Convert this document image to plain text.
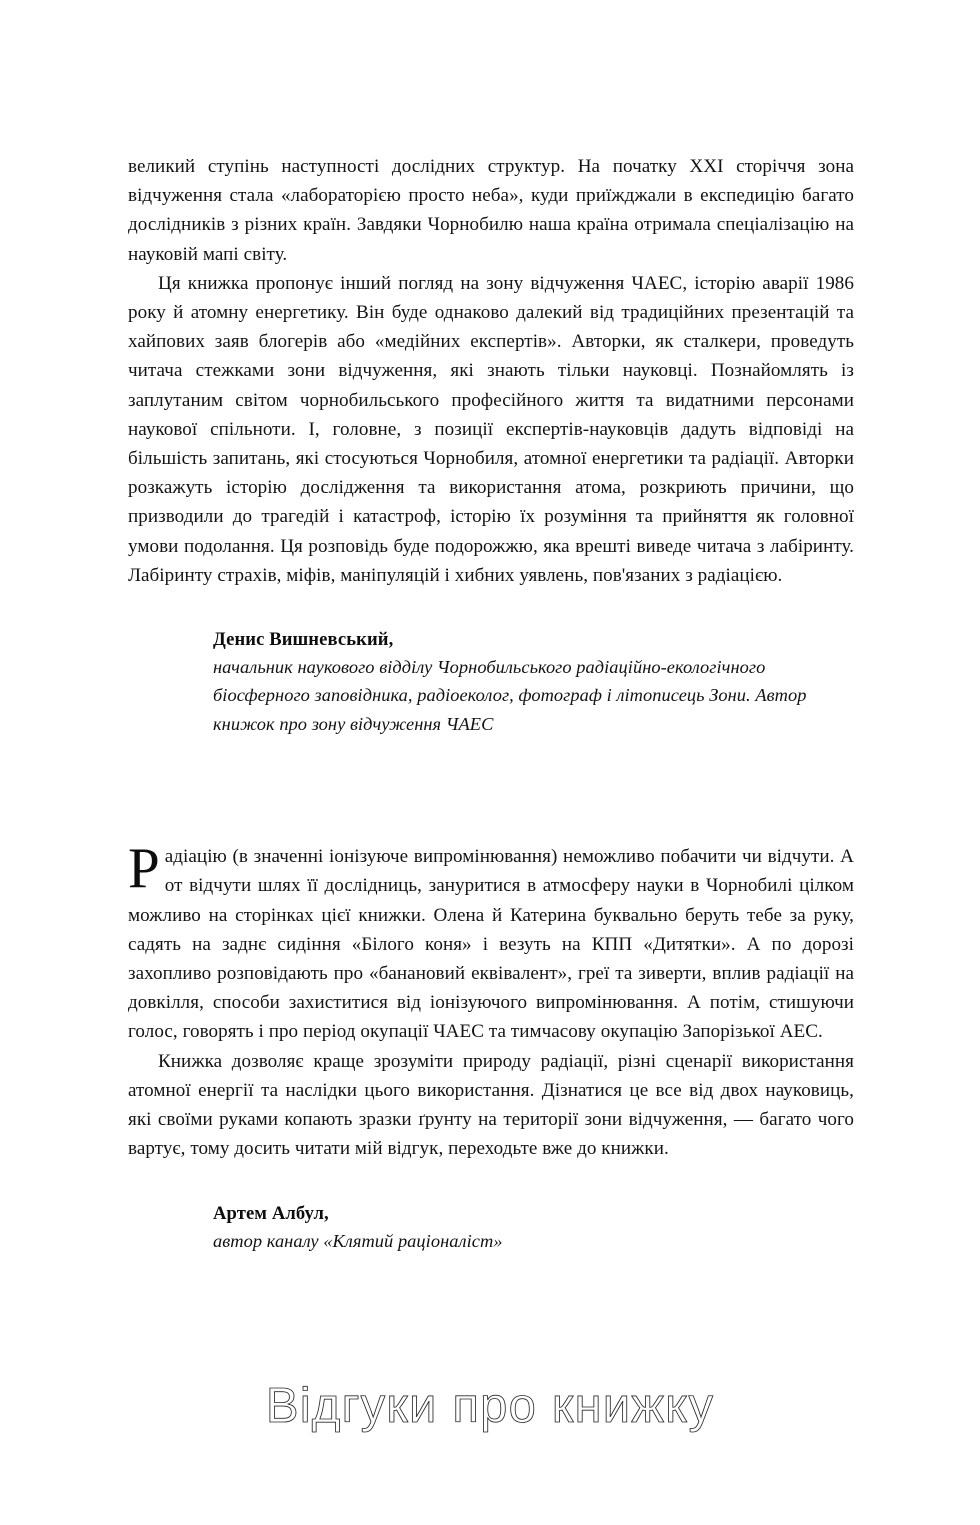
великий ступінь наступності дослідних структур. На початку XXI сторіччя зона відчуження стала «лабораторією просто неба», куди приїжджали в експедицію багато дослідників з різних країн. Завдяки Чорнобилю наша країна отримала спеціалізацію на науковій мапі світу.

Ця книжка пропонує інший погляд на зону відчуження ЧАЕС, історію аварії 1986 року й атомну енергетику. Він буде однаково далекий від традиційних презентацій та хайпових заяв блогерів або «медійних експертів». Авторки, як сталкери, проведуть читача стежками зони відчуження, які знають тільки науковці. Познайомлять із заплутаним світом чорнобильського професійного життя та видатними персонами наукової спільноти. І, головне, з позиції експертів-науковців дадуть відповіді на більшість запитань, які стосуються Чорнобиля, атомної енергетики та радіації. Авторки розкажуть історію дослідження та використання атома, розкриють причини, що призводили до трагедій і катастроф, історію їх розуміння та прийняття як головної умови подолання. Ця розповідь буде подорожжю, яка врешті виведе читача з лабіринту. Лабіринту страхів, міфів, маніпуляцій і хибних уявлень, пов'язаних з радіацією.

Денис Вишневський,

начальник наукового відділу Чорнобильського радіаційно-екологічного біосферного заповідника, радіоеколог, фотограф і літописець Зони. Автор книжок про зону відчуження ЧАЕС

Радіацію (в значенні іонізуюче випромінювання) неможливо побачити чи відчути. А от відчути шлях її дослідниць, зануритися в атмосферу науки в Чорнобилі цілком можливо на сторінках цієї книжки. Олена й Катерина буквально беруть тебе за руку, садять на заднє сидіння «Білого коня» і везуть на КПП «Дитятки». А по дорозі захопливо розповідають про «банановий еквівалент», греї та зиверти, вплив радіації на довкілля, способи захиститися від іонізуючого випромінювання. А потім, стишуючи голос, говорять і про період окупації ЧАЕС та тимчасову окупацію Запорізької АЕС.

Книжка дозволяє краще зрозуміти природу радіації, різні сценарії використання атомної енергії та наслідки цього використання. Дізнатися це все від двох науковиць, які своїми руками копають зразки ґрунту на території зони відчуження, — багато чого вартує, тому досить читати мій відгук, переходьте вже до книжки.

Артем Албул,

автор каналу «Клятий раціоналіст»

Відгуки про книжку
